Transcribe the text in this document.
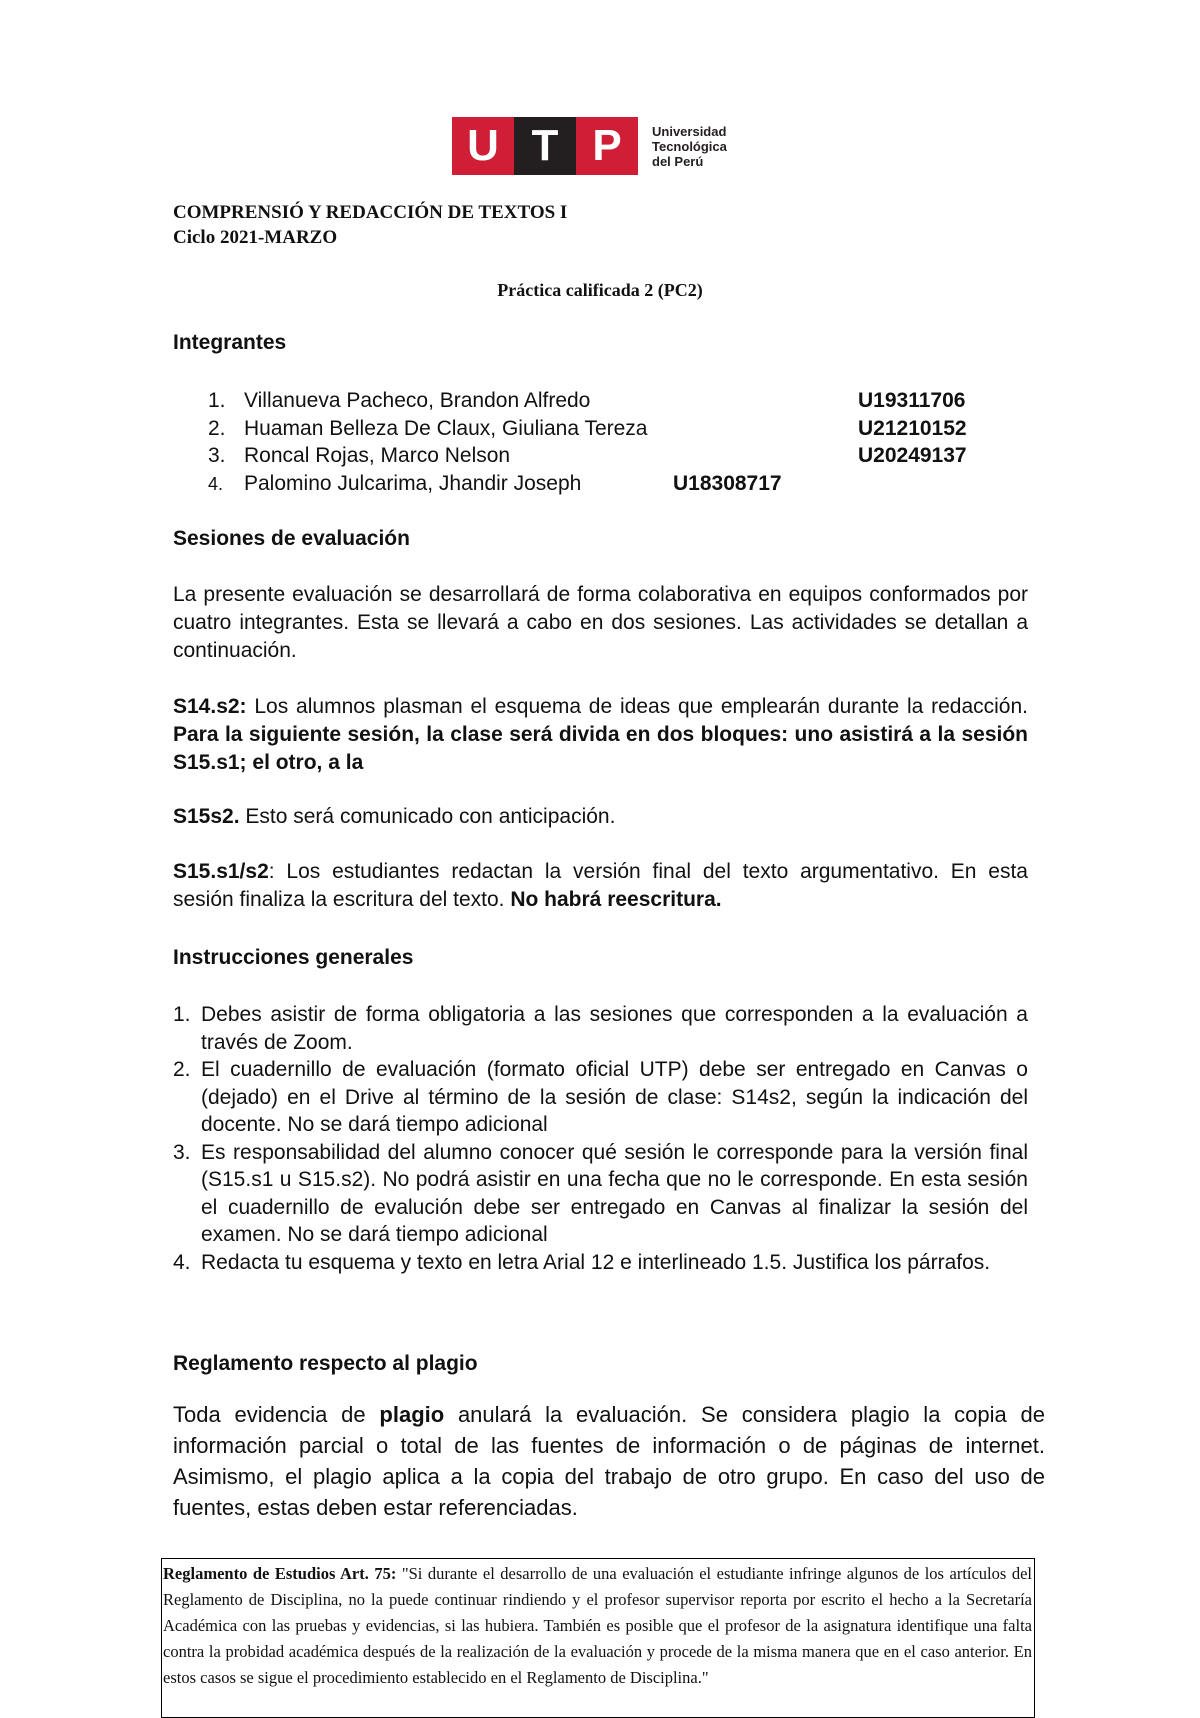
U T P	Universidad
Tecnológica
del Perú
COMPRENSIÓ Y REDACCIÓN DE TEXTOS I
Ciclo 2021-MARZO
Práctica calificada 2 (PC2)
Integrantes
1. Villanueva Pacheco, Brandon Alfredo	U19311706
2. Huaman Belleza De Claux, Giuliana Tereza	U21210152
3. Roncal Rojas, Marco Nelson	U20249137
4. Palomino Julcarima, Jhandir Joseph	U18308717
Sesiones de evaluación
La presente evaluación se desarrollará de forma colaborativa en equipos conformados por cuatro integrantes. Esta se llevará a cabo en dos sesiones. Las actividades se detallan a continuación.
S14.s2: Los alumnos plasman el esquema de ideas que emplearán durante la redacción. Para la siguiente sesión, la clase será divida en dos bloques: uno asistirá a la sesión S15.s1; el otro, a la
S15s2. Esto será comunicado con anticipación.
S15.s1/s2: Los estudiantes redactan la versión final del texto argumentativo. En esta sesión finaliza la escritura del texto. No habrá reescritura.
Instrucciones generales
1. Debes asistir de forma obligatoria a las sesiones que corresponden a la evaluación a través de Zoom.
2. El cuadernillo de evaluación (formato oficial UTP) debe ser entregado en Canvas o (dejado) en el Drive al término de la sesión de clase: S14s2, según la indicación del docente. No se dará tiempo adicional
3. Es responsabilidad del alumno conocer qué sesión le corresponde para la versión final (S15.s1 u S15.s2). No podrá asistir en una fecha que no le corresponde. En esta sesión el cuadernillo de evalución debe ser entregado en Canvas al finalizar la sesión del examen. No se dará tiempo adicional
4. Redacta tu esquema y texto en letra Arial 12 e interlineado 1.5. Justifica los párrafos.
Reglamento respecto al plagio
Toda evidencia de plagio anulará la evaluación. Se considera plagio la copia de información parcial o total de las fuentes de información o de páginas de internet. Asimismo, el plagio aplica a la copia del trabajo de otro grupo. En caso del uso de fuentes, estas deben estar referenciadas.
Reglamento de Estudios Art. 75: "Si durante el desarrollo de una evaluación el estudiante infringe algunos de los artículos del Reglamento de Disciplina, no la puede continuar rindiendo y el profesor supervisor reporta por escrito el hecho a la Secretaría Académica con las pruebas y evidencias, si las hubiera. También es posible que el profesor de la asignatura identifique una falta contra la probidad académica después de la realización de la evaluación y procede de la misma manera que en el caso anterior. En estos casos se sigue el procedimiento establecido en el Reglamento de Disciplina."
